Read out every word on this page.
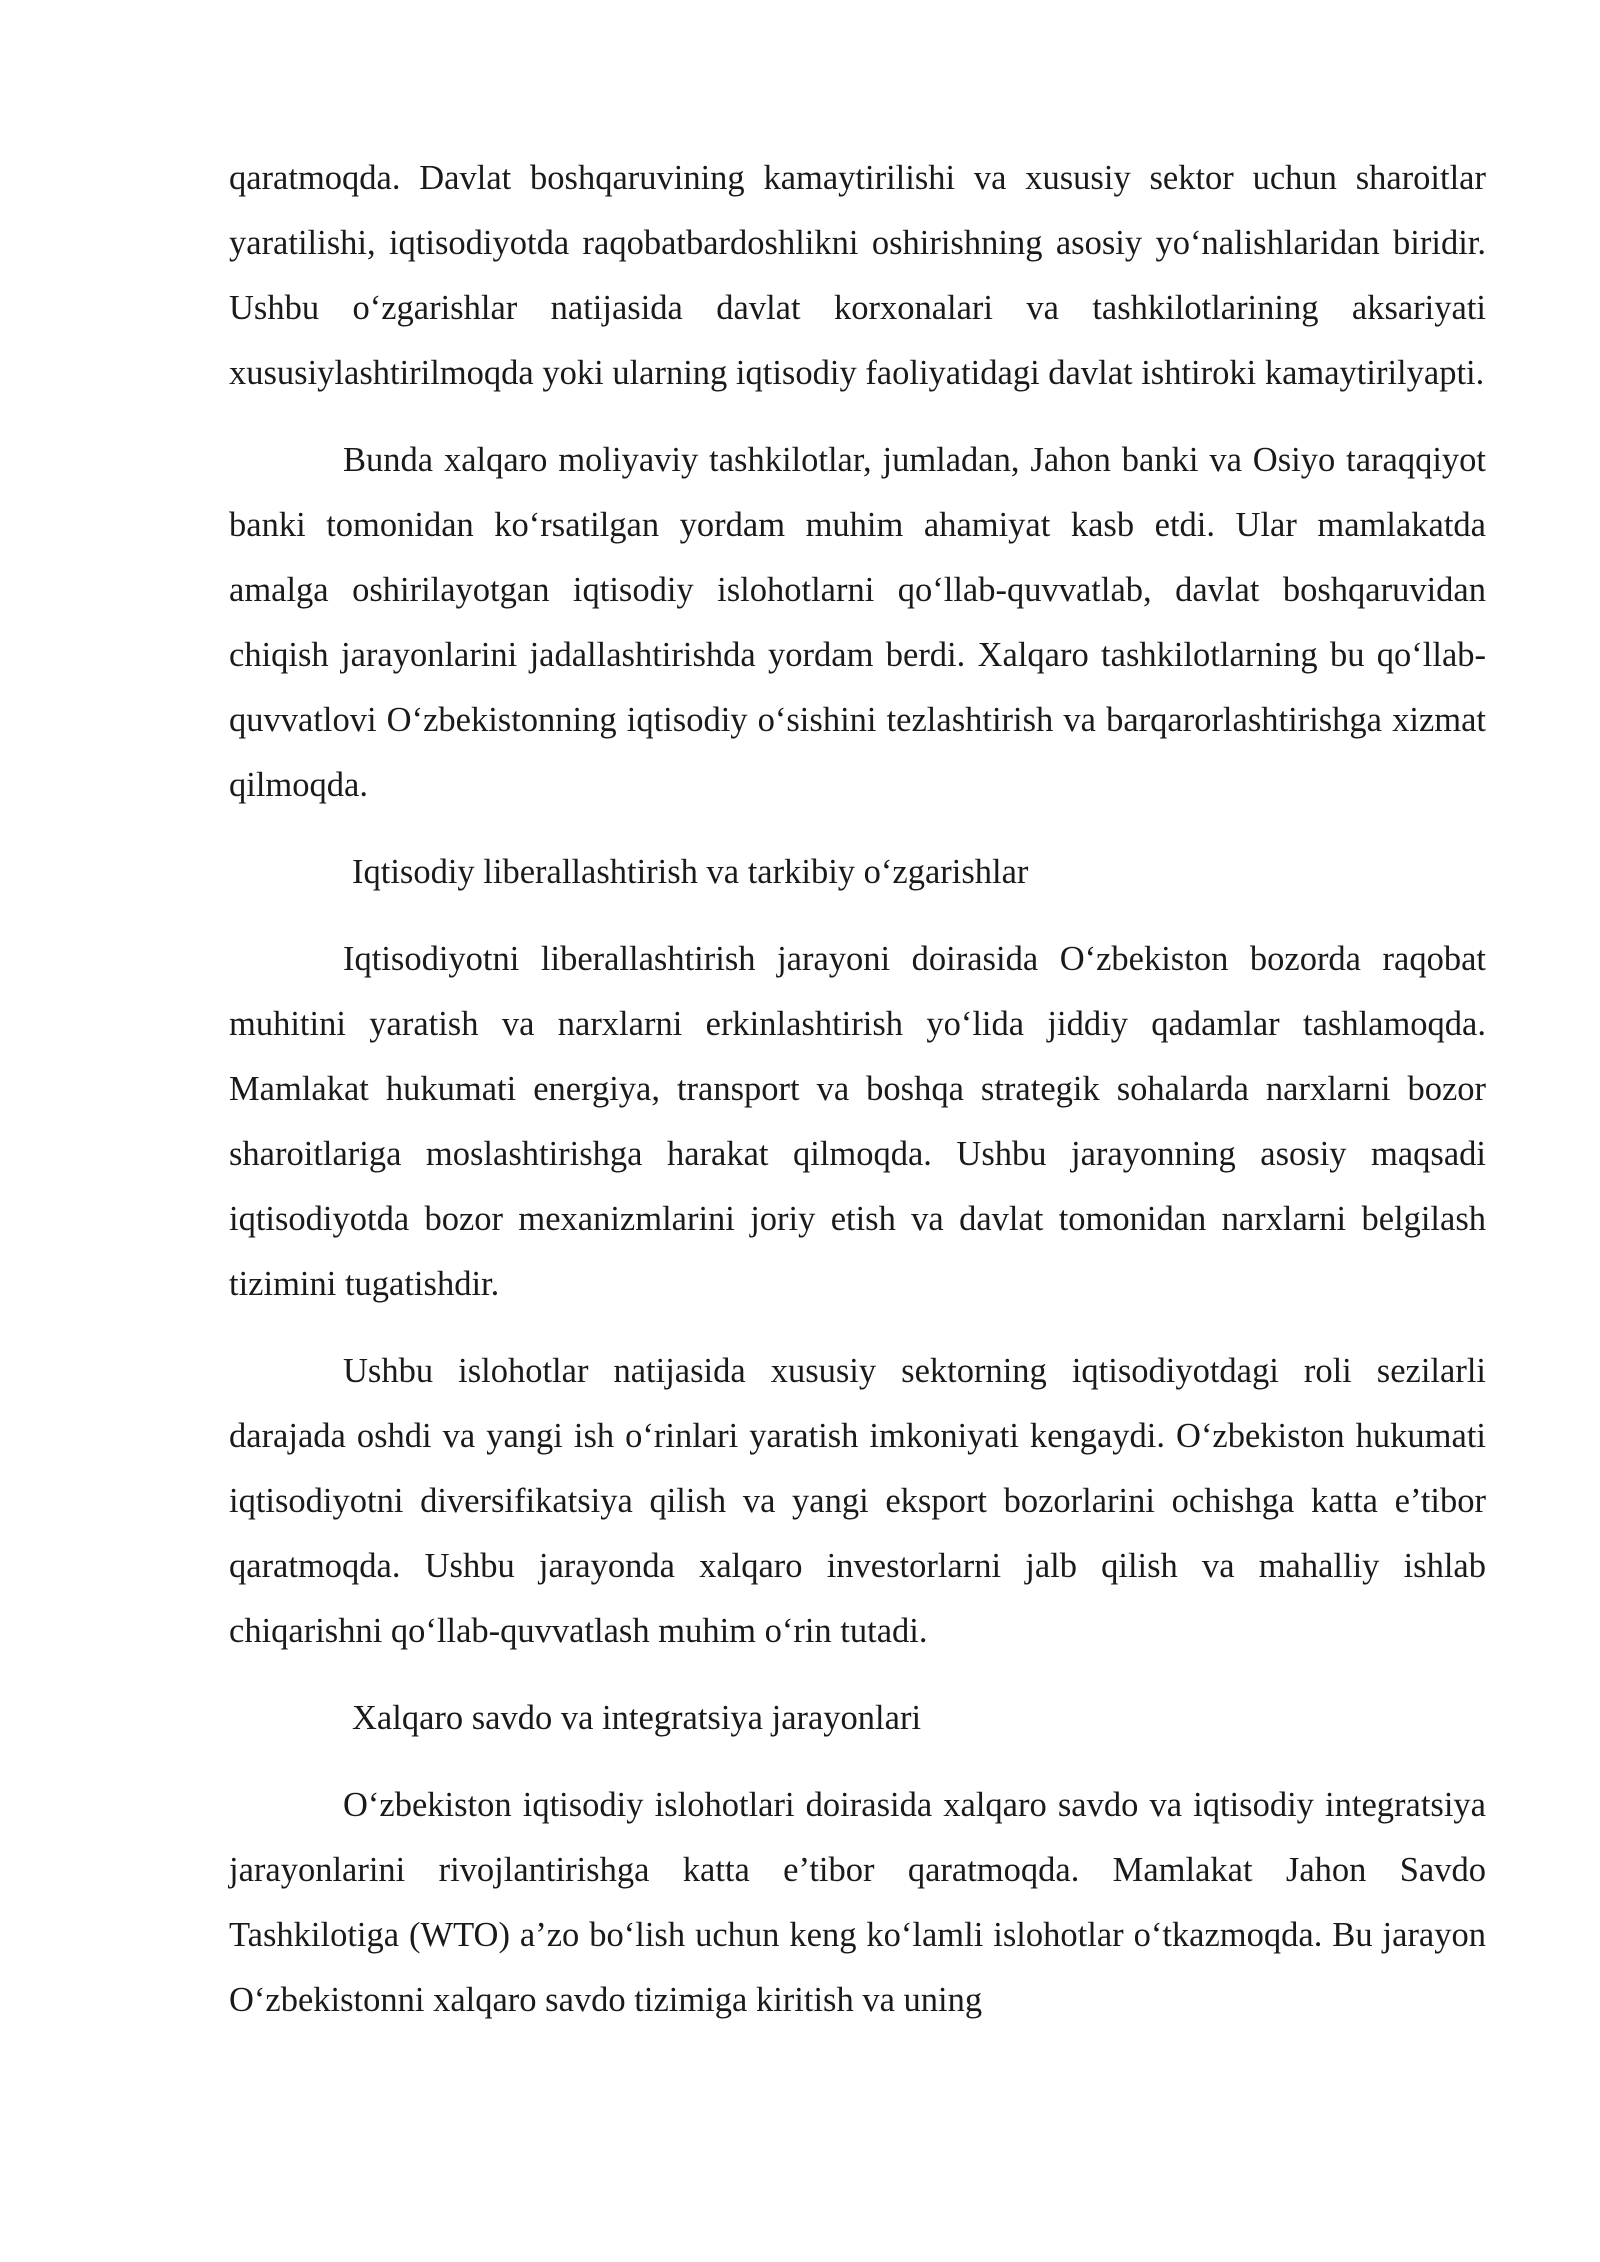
qaratmoqda. Davlat boshqaruvining kamaytirilishi va xususiy sektor uchun sharoitlar yaratilishi, iqtisodiyotda raqobatbardoshlikni oshirishning asosiy yo‘nalishlaridan biridir. Ushbu o‘zgarishlar natijasida davlat korxonalari va tashkilotlarining aksariyati xususiylashtirilmoqda yoki ularning iqtisodiy faoliyatidagi davlat ishtiroki kamaytirilyapti.

Bunda xalqaro moliyaviy tashkilotlar, jumladan, Jahon banki va Osiyo taraqqiyot banki tomonidan ko‘rsatilgan yordam muhim ahamiyat kasb etdi. Ular mamlakatda amalga oshirilayotgan iqtisodiy islohotlarni qo‘llab-quvvatlab, davlat boshqaruvidan chiqish jarayonlarini jadallashtirishda yordam berdi. Xalqaro tashkilotlarning bu qo‘llab-quvvatlovi O‘zbekistonning iqtisodiy o‘sishini tezlashtirish va barqarorlashtirishga xizmat qilmoqda.

Iqtisodiy liberallashtirish va tarkibiy o‘zgarishlar

Iqtisodiyotni liberallashtirish jarayoni doirasida O‘zbekiston bozorda raqobat muhitini yaratish va narxlarni erkinlashtirish yo‘lida jiddiy qadamlar tashlamoqda. Mamlakat hukumati energiya, transport va boshqa strategik sohalarda narxlarni bozor sharoitlariga moslashtirishga harakat qilmoqda. Ushbu jarayonning asosiy maqsadi iqtisodiyotda bozor mexanizmlarini joriy etish va davlat tomonidan narxlarni belgilash tizimini tugatishdir.

Ushbu islohotlar natijasida xususiy sektorning iqtisodiyotdagi roli sezilarli darajada oshdi va yangi ish o‘rinlari yaratish imkoniyati kengaydi. O‘zbekiston hukumati iqtisodiyotni diversifikatsiya qilish va yangi eksport bozorlarini ochishga katta e’tibor qaratmoqda. Ushbu jarayonda xalqaro investorlarni jalb qilish va mahalliy ishlab chiqarishni qo‘llab-quvvatlash muhim o‘rin tutadi.

Xalqaro savdo va integratsiya jarayonlari

O‘zbekiston iqtisodiy islohotlari doirasida xalqaro savdo va iqtisodiy integratsiya jarayonlarini rivojlantirishga katta e’tibor qaratmoqda. Mamlakat Jahon Savdo Tashkilotiga (WTO) a’zo bo‘lish uchun keng ko‘lamli islohotlar o‘tkazmoqda. Bu jarayon O‘zbekistonni xalqaro savdo tizimiga kiritish va uning
